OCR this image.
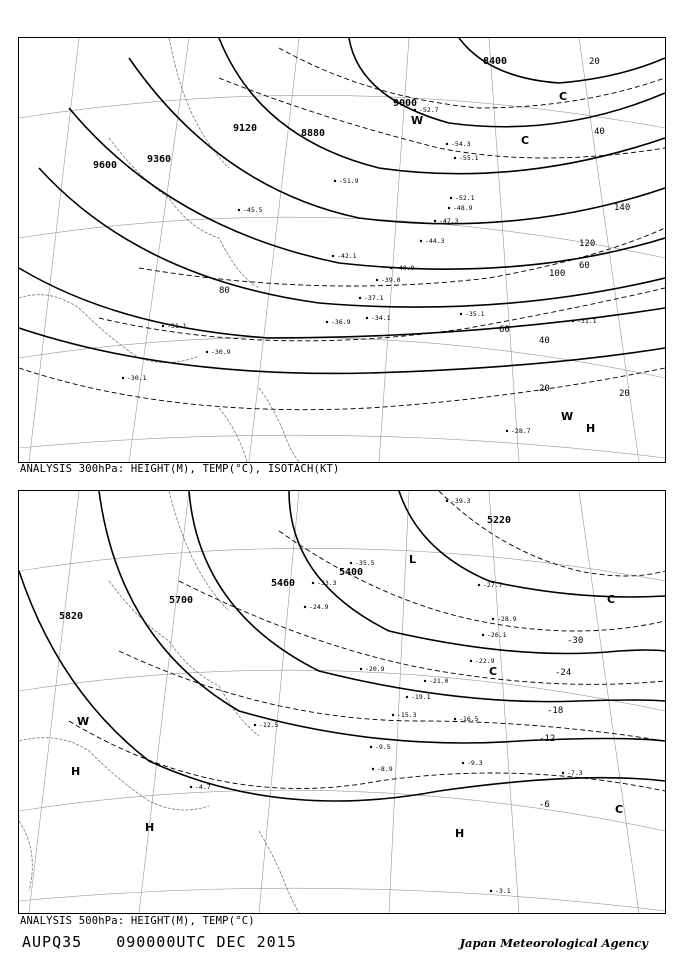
9600
9360
8880
8400
9120
9000
20
40
60
80
100
120
140
20
40
60
20
W
H
C
W
C
-30.1
-30.9
-31.1
-34.1
-36.9
-37.1
-39.0
-40.9
-42.1
-44.3
-45.5
-47.3
-48.9
-51.9
-52.1
-52.7
-54.3
-55.1
-35.1
-31.1
-28.7
ANALYSIS 300hPa: HEIGHT(M), TEMP(°C), ISOTACH(KT)
5820
5700
5460
5400
5220
-30
-24
-18
-12
-6
W
H
H	H
L
C
C
C
-3.1
-4.7
-7.3
-9.3
-8.9
-9.5
-12.5
-15.3	-16.5
-19.1
-20.9
-21.0
-22.9
-24.9
-26.1
-27.7
-28.9
-33.3
-35.5
-39.3
ANALYSIS 500hPa: HEIGHT(M), TEMP(°C)
AUPQ35 090000UTC DEC 2015	Japan Meteorological Agency
